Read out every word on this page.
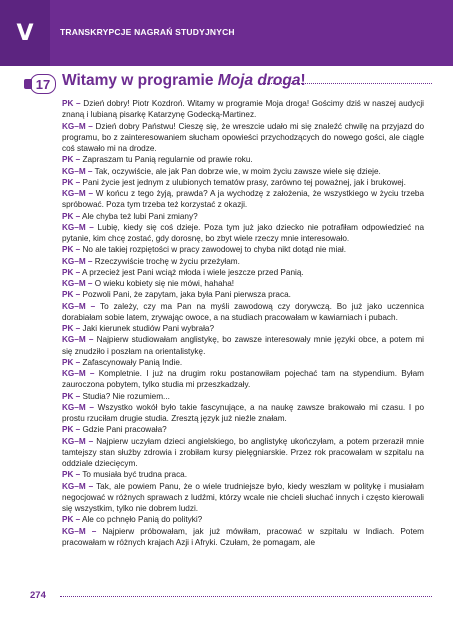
V	TRANSKRYPCJE NAGRAŃ STUDYJNYCH
17 Witamy w programie Moja droga!

PK – Dzień dobry! Piotr Kozdroń. Witamy w programie Moja droga! Gościmy dziś w naszej audycji znaną i lubianą pisarkę Katarzynę Godecką-Martinez.

KG–M – Dzień dobry Państwu! Cieszę się, że wreszcie udało mi się znaleźć chwilę na przyjazd do programu, bo z zainteresowaniem słucham opowieści przychodzących do nowego gości, ale ciągle coś stawało mi na drodze.

PK – Zapraszam tu Panią regularnie od prawie roku.

KG–M – Tak, oczywiście, ale jak Pan dobrze wie, w moim życiu zawsze wiele się dzieje.

PK – Pani życie jest jednym z ulubionych tematów prasy, zarówno tej poważnej, jak i brukowej.

KG–M – W końcu z tego żyją, prawda? A ja wychodzę z założenia, że wszystkiego w życiu trzeba spróbować. Poza tym trzeba też korzystać z okazji.

PK – Ale chyba też lubi Pani zmiany?

KG–M – Lubię, kiedy się coś dzieje. Poza tym już jako dziecko nie potrafiłam odpowiedzieć na pytanie, kim chcę zostać, gdy dorosnę, bo zbyt wiele rzeczy mnie interesowało.

PK – No ale takiej rozpiętości w pracy zawodowej to chyba nikt dotąd nie miał.

KG–M – Rzeczywiście trochę w życiu przeżyłam.

PK – A przecież jest Pani wciąż młoda i wiele jeszcze przed Panią.

KG–M – O wieku kobiety się nie mówi, hahaha!

PK – Pozwoli Pani, że zapytam, jaka była Pani pierwsza praca.

KG–M – To zależy, czy ma Pan na myśli zawodową czy dorywczą. Bo już jako uczennica dorabiałam sobie latem, zrywając owoce, a na studiach pracowałam w kawiarniach i pubach.

PK – Jaki kierunek studiów Pani wybrała?

KG–M – Najpierw studiowałam anglistykę, bo zawsze interesowały mnie języki obce, a potem mi się znudziło i poszłam na orientalistykę.

PK – Zafascynowały Panią Indie.

KG–M – Kompletnie. I już na drugim roku postanowiłam pojechać tam na stypendium. Byłam zauroczona pobytem, tylko studia mi przeszkadzały.

PK – Studia? Nie rozumiem...

KG–M – Wszystko wokół było takie fascynujące, a na naukę zawsze brakowało mi czasu. I po prostu rzuciłam drugie studia. Zresztą język już nieźle znałam.

PK – Gdzie Pani pracowała?

KG–M – Najpierw uczyłam dzieci angielskiego, bo anglistykę ukończyłam, a potem przeraził mnie tamtejszy stan służby zdrowia i zrobiłam kursy pielęgniarskie. Przez rok pracowałam w szpitalu na oddziale dziecięcym.

PK – To musiała być trudna praca.

KG–M – Tak, ale powiem Panu, że o wiele trudniejsze było, kiedy weszłam w politykę i musiałam negocjować w różnych sprawach z ludźmi, którzy wcale nie chcieli słuchać innych i często kierowali się wszystkim, tylko nie dobrem ludzi.

PK – Ale co pchnęło Panią do polityki?

KG–M – Najpierw próbowałam, jak już mówiłam, pracować w szpitalu w Indiach. Potem pracowałam w różnych krajach Azji i Afryki. Czułam, że pomagam, ale

274
